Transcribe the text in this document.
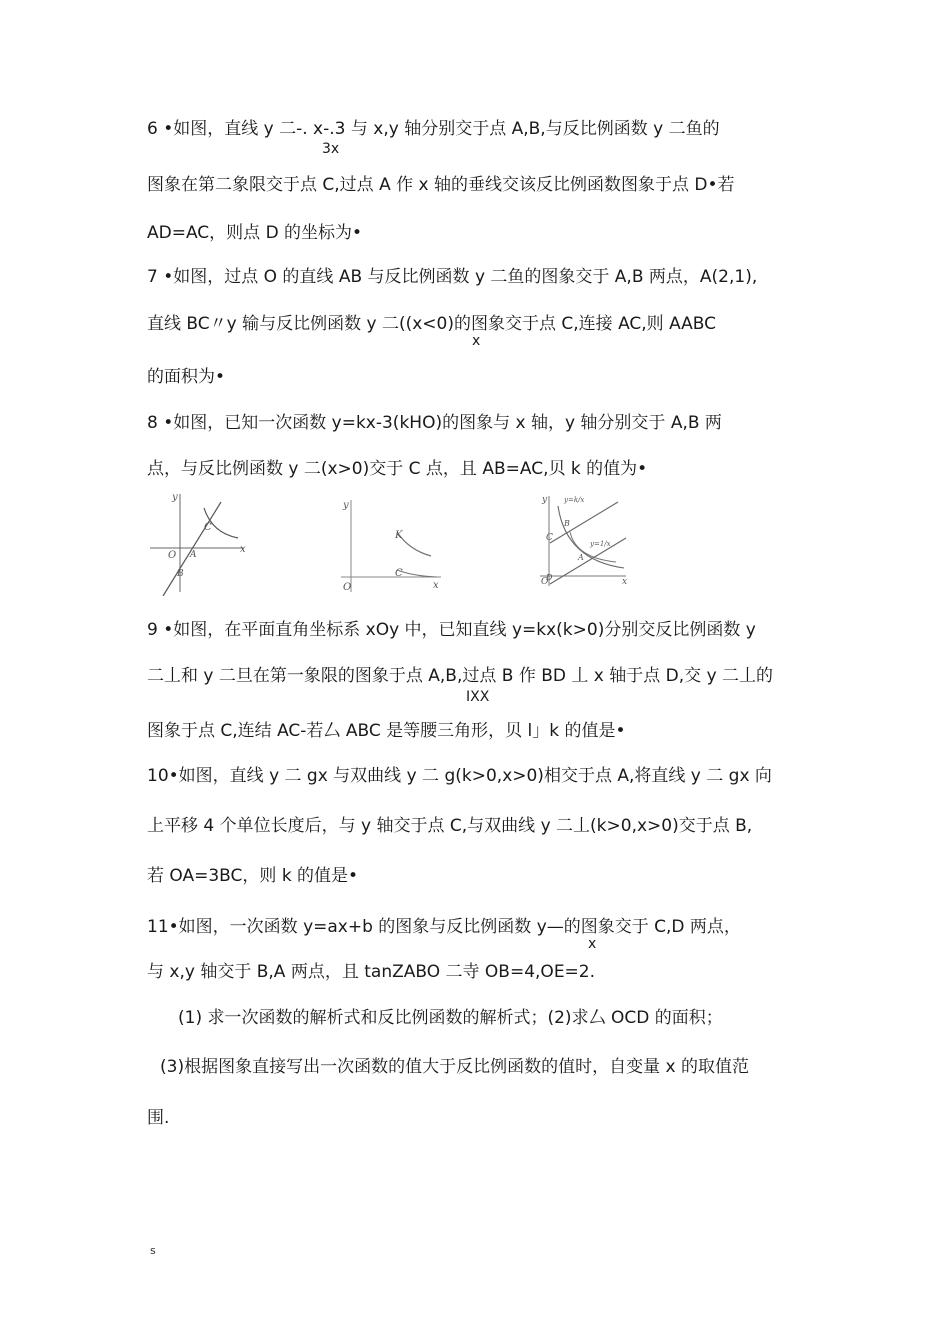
6 •如图，直线 y 二-. x-.3 与 x,y 轴分别交于点 A,B,与反比例函数 y 二鱼的
3x
图象在第二象限交于点 C,过点 A 作 x 轴的垂线交该反比例函数图象于点 D•若
AD=AC，则点 D 的坐标为•
7 •如图，过点 O 的直线 AB 与反比例函数 y 二鱼的图象交于 A,B 两点，A(2,1),
直线 BC〃y 输与反比例函数 y 二((x<0)的图象交于点 C,连接 AC,则 AABC
x
的面积为•
8 •如图，已知一次函数 y=kx-3(kHO)的图象与 x 轴，y 轴分别交于 A,B 两
点，与反比例函数 y 二(x>0)交于 C 点，且 AB=AC,贝 k 的值为•
y
x
O
C
A
B
y
x
O
K
C
y
x
O
B
C
D
A
y=k/x
y=1/x
9 •如图，在平面直角坐标系 xOy 中，已知直线 y=kx(k>0)分别交反比例函数 y
二丄和 y 二旦在第一象限的图象于点 A,B,过点 B 作 BD 丄 x 轴于点 D,交 y 二丄的
IXX
图象于点 C,连结 AC-若厶 ABC 是等腰三角形，贝 l」k 的值是•
10•如图，直线 y 二 gx 与双曲线 y 二 g(k>0,x>0)相交于点 A,将直线 y 二 gx 向
上平移 4 个单位长度后，与 y 轴交于点 C,与双曲线 y 二丄(k>0,x>0)交于点 B,
若 OA=3BC，则 k 的值是•
11•如图，一次函数 y=ax+b 的图象与反比例函数 y—的图象交于 C,D 两点，
x
与 x,y 轴交于 B,A 两点，且 tanZABO 二寺 OB=4,OE=2.
(1) 求一次函数的解析式和反比例函数的解析式；(2)求厶 OCD 的面积；
(3)根据图象直接写出一次函数的值大于反比例函数的值时，自变量 x 的取值范
围.
s
